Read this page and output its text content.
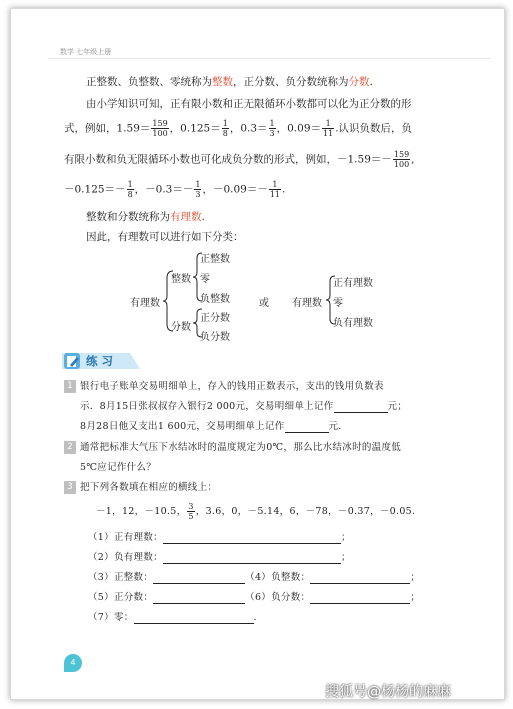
数学 七年级上册
正整数、负整数、零统称为整数，正分数、负分数统称为分数.
由小学知识可知，正有限小数和正无限循环小数都可以化为正分数的形
式，例如，$1.59= \frac{159}{100}$ ，$0.125= \frac{1}{8}$ ，$0.3= \frac{1}{3}$ ，$0.09= \frac{1}{11}$ .认识负数后，负
有限小数和负无限循环小数也可化成负分数的形式，例如，$-1.59=- \frac{159}{100}$ ,
$-0.125=- \frac{1}{8}$ ，$-0.3=- \frac{1}{3}$ ，$-0.09=- \frac{1}{11}$ .
整数和分数统称为有理数.
因此，有理数可以进行如下分类：
有理数
整数
分数
正整数
零
负整数
正分数
负分数
或 有理数
正有理数
零
负有理数
练 习
1 银行电子账单交易明细单上，存入的钱用正数表示，支出的钱用负数表
示．8月15日张叔叔存入银行2 000元，交易明细单上记作	元；
8月28日他又支出1 600元，交易明细单上记作	元．
2 通常把标准大气压下水结冰时的温度规定为0℃，那么比水结冰时的温度低
5℃应记作什么？
3 把下列各数填在相应的横线上：
－1，12，－10.5， $\frac{3}{5}$ ，3.6，0，－5.14，6，－78，－0.37，－0.05.
（1）正有理数：	；
（2）负有理数：	；
（3）正整数：	（4）负整数：	；
（5）正分数：	（6）负分数：	；
（7）零：	.
4
搜狐号@杨杨的麻麻
